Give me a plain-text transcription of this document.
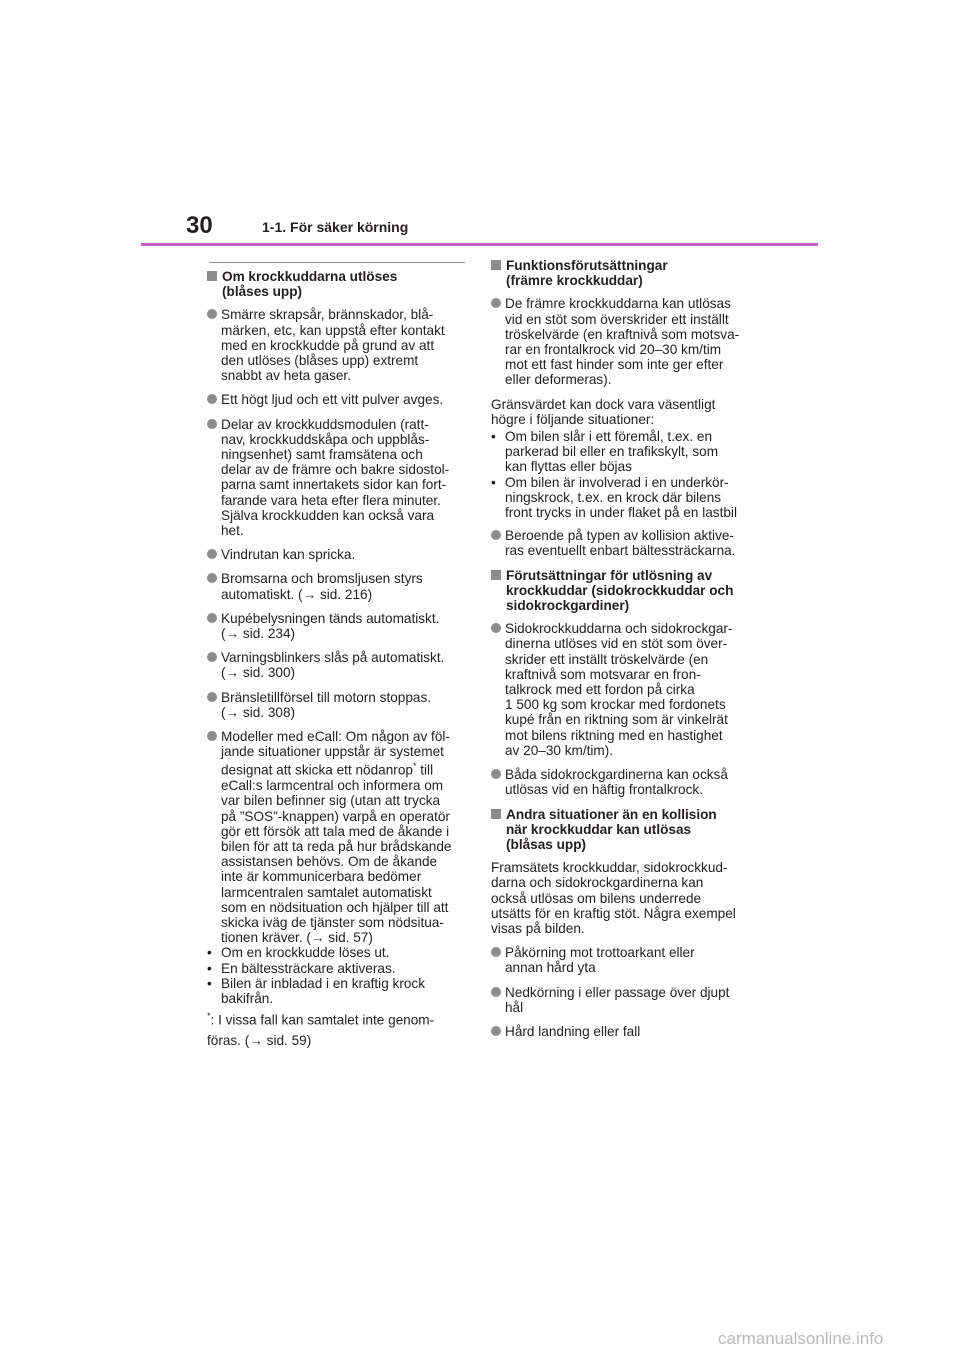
30	1-1. För säker körning
Om krockkuddarna utlöses
(blåses upp)
Smärre skrapsår, brännskador, blå-
märken, etc, kan uppstå efter kontakt
med en krockkudde på grund av att
den utlöses (blåses upp) extremt
snabbt av heta gaser.
Ett högt ljud och ett vitt pulver avges.
Delar av krockkuddsmodulen (ratt-
nav, krockkuddskåpa och uppblås-
ningsenhet) samt framsätena och
delar av de främre och bakre sidostol-
parna samt innertakets sidor kan fort-
farande vara heta efter flera minuter.
Själva krockkudden kan också vara
het.
Vindrutan kan spricka.
Bromsarna och bromsljusen styrs
automatiskt. (→ sid. 216)
Kupébelysningen tänds automatiskt.
(→ sid. 234)
Varningsblinkers slås på automatiskt.
(→ sid. 300)
Bränsletillförsel till motorn stoppas.
(→ sid. 308)
Modeller med eCall: Om någon av föl-
jande situationer uppstår är systemet
designat att skicka ett nödanrop* till
eCall:s larmcentral och informera om
var bilen befinner sig (utan att trycka
på ”SOS”-knappen) varpå en operatör
gör ett försök att tala med de åkande i
bilen för att ta reda på hur brådskande
assistansen behövs. Om de åkande
inte är kommunicerbara bedömer
larmcentralen samtalet automatiskt
som en nödsituation och hjälper till att
skicka iväg de tjänster som nödsitua-
tionen kräver. (→ sid. 57)
• Om en krockkudde löses ut.
• En bältessträckare aktiveras.
• Bilen är inbladad i en kraftig krock
bakifrån.
*: I vissa fall kan samtalet inte genom-
föras. (→ sid. 59)
Funktionsförutsättningar
(främre krockkuddar)
De främre krockkuddarna kan utlösas
vid en stöt som överskrider ett inställt
tröskelvärde (en kraftnivå som motsva-
rar en frontalkrock vid 20–30 km/tim
mot ett fast hinder som inte ger efter
eller deformeras).
Gränsvärdet kan dock vara väsentligt
högre i följande situationer:
• Om bilen slår i ett föremål, t.ex. en
parkerad bil eller en trafikskylt, som
kan flyttas eller böjas
• Om bilen är involverad i en underkör-
ningskrock, t.ex. en krock där bilens
front trycks in under flaket på en lastbil
Beroende på typen av kollision aktive-
ras eventuellt enbart bältessträckarna.
Förutsättningar för utlösning av
krockkuddar (sidokrockkuddar och
sidokrockgardiner)
Sidokrockkuddarna och sidokrockgar-
dinerna utlöses vid en stöt som över-
skrider ett inställt tröskelvärde (en
kraftnivå som motsvarar en fron-
talkrock med ett fordon på cirka
1 500 kg som krockar med fordonets
kupé från en riktning som är vinkelrät
mot bilens riktning med en hastighet
av 20–30 km/tim).
Båda sidokrockgardinerna kan också
utlösas vid en häftig frontalkrock.
Andra situationer än en kollision
när krockkuddar kan utlösas
(blåsas upp)
Framsätets krockkuddar, sidokrockkud-
darna och sidokrockgardinerna kan
också utlösas om bilens underrede
utsätts för en kraftig stöt. Några exempel
visas på bilden.
Påkörning mot trottoarkant eller
annan hård yta
Nedkörning i eller passage över djupt
hål
Hård landning eller fall
carmanualsonline.info
